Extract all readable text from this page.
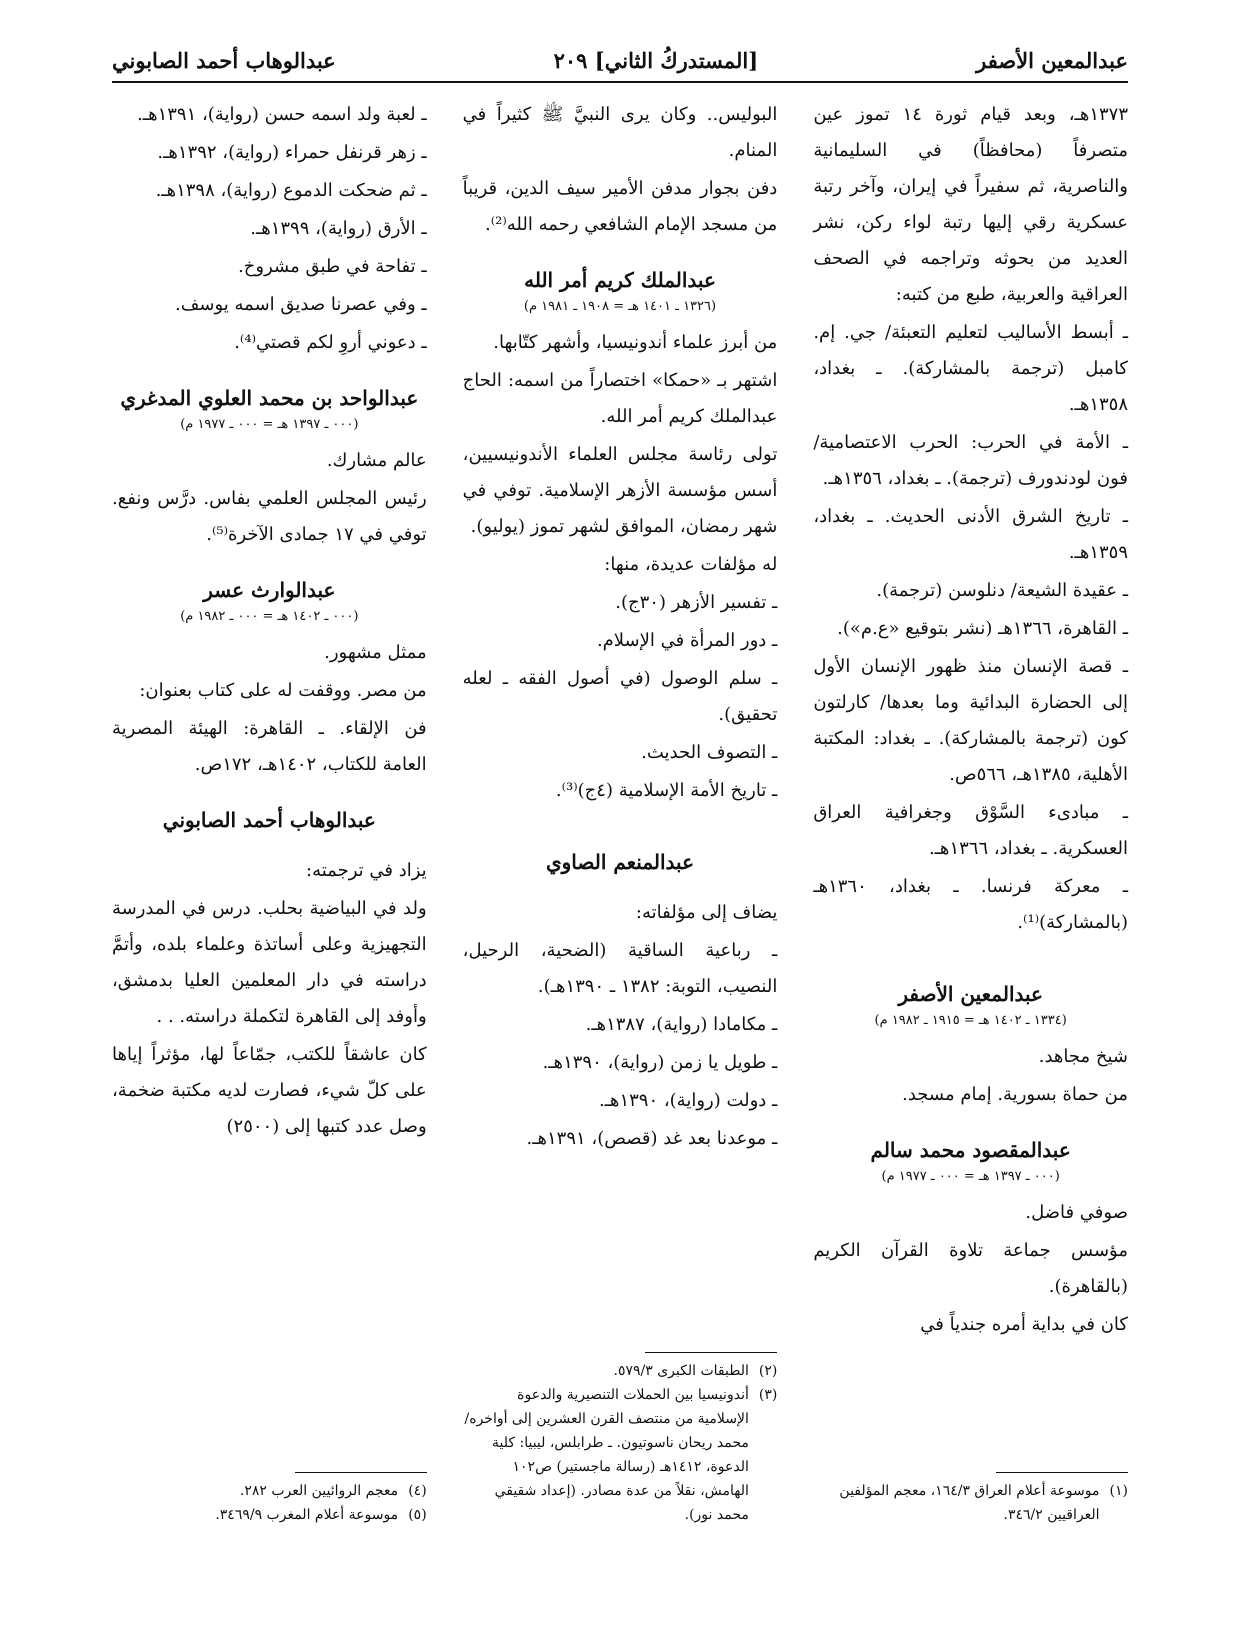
عبدالمعين الأصفر
[المستدركُ الثاني] ٢٠٩
عبدالوهاب أحمد الصابوني

١٣٧٣هـ، وبعد قيام ثورة ١٤ تموز عين متصرفاً (محافظاً) في السليمانية والناصرية، ثم سفيراً في إيران، وآخر رتبة عسكرية رقي إليها رتبة لواء ركن، نشر العديد من بحوثه وتراجمه في الصحف العراقية والعربية، طبع من كتبه:

ـ أبسط الأساليب لتعليم التعبئة/ جي. إم. كامبل (ترجمة بالمشاركة). ـ بغداد، ١٣٥٨هـ.

ـ الأمة في الحرب: الحرب الاعتصامية/ فون لودندورف (ترجمة). ـ بغداد، ١٣٥٦هـ.

ـ تاريخ الشرق الأدنى الحديث. ـ بغداد، ١٣٥٩هـ.

ـ عقيدة الشيعة/ دنلوسن (ترجمة).

ـ القاهرة، ١٣٦٦هـ (نشر بتوقيع «ع.م»).

ـ قصة الإنسان منذ ظهور الإنسان الأول إلى الحضارة البدائية وما بعدها/ كارلتون كون (ترجمة بالمشاركة). ـ بغداد: المكتبة الأهلية، ١٣٨٥هـ، ٥٦٦ص.

ـ مبادىء السَّوْق وجغرافية العراق العسكرية. ـ بغداد، ١٣٦٦هـ.

ـ معركة فرنسا. ـ بغداد، ١٣٦٠هـ (بالمشاركة)⁽¹⁾.

عبدالمعين الأصفر
(١٣٣٤ ـ ١٤٠٢ هـ = ١٩١٥ ـ ١٩٨٢ م)

شيخ مجاهد.

من حماة بسورية. إمام مسجد.

عبدالمقصود محمد سالم
(٠٠٠ ـ ١٣٩٧ هـ = ٠٠٠ ـ ١٩٧٧ م)

صوفي فاضل.

مؤسس جماعة تلاوة القرآن الكريم (بالقاهرة).

كان في بداية أمره جندياً في

(١)
موسوعة أعلام العراق ١٦٤/٣، معجم المؤلفين العراقيين ٣٤٦/٢.

البوليس.. وكان يرى النبيَّ ﷺ كثيراً في المنام.

دفن بجوار مدفن الأمير سيف الدين، قريباً من مسجد الإمام الشافعي رحمه الله⁽²⁾.

عبدالملك كريم أمر الله
(١٣٢٦ ـ ١٤٠١ هـ = ١٩٠٨ ـ ١٩٨١ م)

من أبرز علماء أندونيسيا، وأشهر كتّابها.

اشتهر بـ «حمكا» اختصاراً من اسمه: الحاج عبدالملك كريم أمر الله.

تولى رئاسة مجلس العلماء الأندونيسيين، أسس مؤسسة الأزهر الإسلامية. توفي في شهر رمضان، الموافق لشهر تموز (يوليو).

له مؤلفات عديدة، منها:

ـ تفسير الأزهر (٣٠ج).

ـ دور المرأة في الإسلام.

ـ سلم الوصول (في أصول الفقه ـ لعله تحقيق).

ـ التصوف الحديث.

ـ تاريخ الأمة الإسلامية (٤ج)⁽³⁾.

عبدالمنعم الصاوي

يضاف إلى مؤلفاته:

ـ رباعية الساقية (الضحية، الرحيل، النصيب، التوبة: ١٣٨٢ ـ ١٣٩٠هـ).

ـ مكامادا (رواية)، ١٣٨٧هـ.

ـ طويل يا زمن (رواية)، ١٣٩٠هـ.

ـ دولت (رواية)، ١٣٩٠هـ.

ـ موعدنا بعد غد (قصص)، ١٣٩١هـ.

(٢)
الطبقات الكبرى ٥٧٩/٣.
(٣)
أندونيسيا بين الحملات التنصيرية والدعوة الإسلامية من منتصف القرن العشرين إلى أواخره/ محمد ريحان ناسوتيون. ـ طرابلس، ليبيا: كلية الدعوة، ١٤١٢هـ (رسالة ماجستير) ص١٠٢ الهامش، نقلاً من عدة مصادر. (إعداد شقيقي محمد نور).

ـ لعبة ولد اسمه حسن (رواية)، ١٣٩١هـ.

ـ زهر قرنفل حمراء (رواية)، ١٣٩٢هـ.

ـ ثم ضحكت الدموع (رواية)، ١٣٩٨هـ.

ـ الأرق (رواية)، ١٣٩٩هـ.

ـ تفاحة في طبق مشروخ.

ـ وفي عصرنا صديق اسمه يوسف.

ـ دعوني أروِ لكم قصتي⁽⁴⁾.

عبدالواحد بن محمد العلوي المدغري
(٠٠٠ ـ ١٣٩٧ هـ = ٠٠٠ ـ ١٩٧٧ م)

عالم مشارك.

رئيس المجلس العلمي بفاس. درَّس ونفع. توفي في ١٧ جمادى الآخرة⁽⁵⁾.

عبدالوارث عسر
(٠٠٠ ـ ١٤٠٢ هـ = ٠٠٠ ـ ١٩٨٢ م)

ممثل مشهور.

من مصر. ووقفت له على كتاب بعنوان:

فن الإلقاء. ـ القاهرة: الهيئة المصرية العامة للكتاب، ١٤٠٢هـ، ١٧٢ص.

عبدالوهاب أحمد الصابوني

يزاد في ترجمته:

ولد في البياضية بحلب. درس في المدرسة التجهيزية وعلى أساتذة وعلماء بلده، وأتمَّ دراسته في دار المعلمين العليا بدمشق، وأوفد إلى القاهرة لتكملة دراسته. . .

كان عاشقاً للكتب، جمّاعاً لها، مؤثراً إياها على كلّ شيء، فصارت لديه مكتبة ضخمة، وصل عدد كتبها إلى (٢٥٠٠)

(٤)
معجم الروائيين العرب ٢٨٢.
(٥)
موسوعة أعلام المغرب ٣٤٦٩/٩.
